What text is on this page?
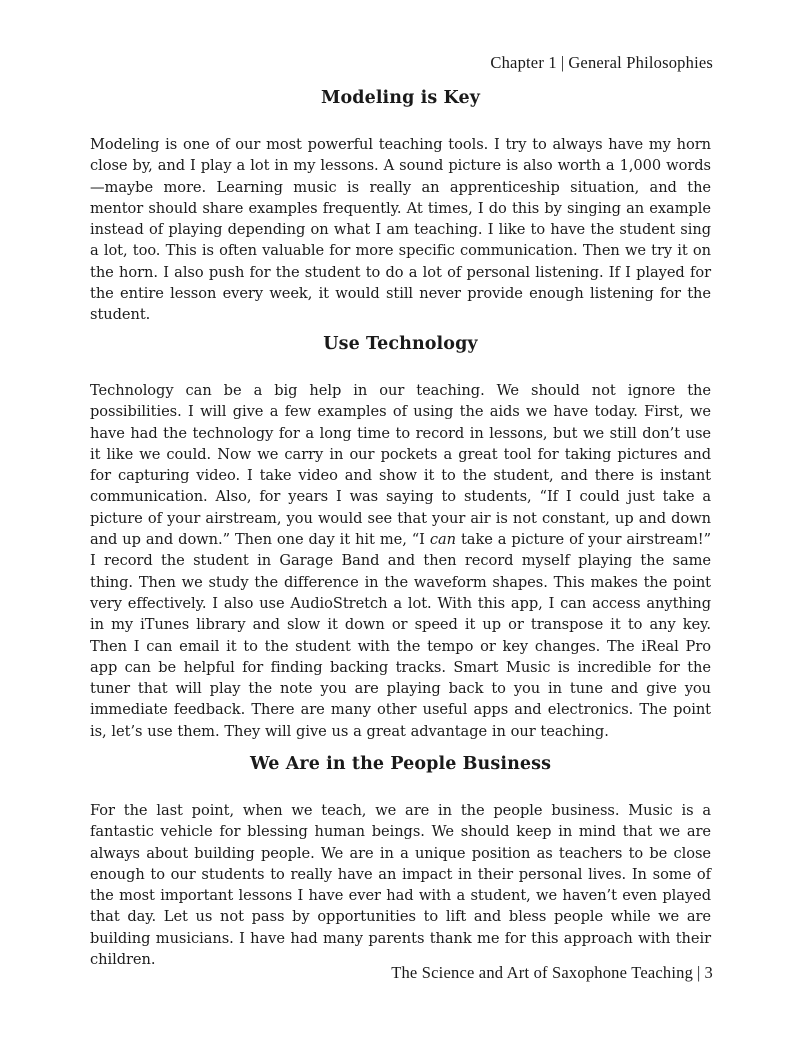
Chapter 1 | General Philosophies
Modeling is Key

Modeling is one of our most powerful teaching tools. I try to always have my horn close by, and I play a lot in my lessons. A sound picture is also worth a 1,000 words—maybe more. Learning music is really an apprenticeship situation, and the mentor should share examples frequently. At times, I do this by singing an example instead of playing depending on what I am teaching. I like to have the student sing a lot, too. This is often valuable for more specific communication. Then we try it on the horn. I also push for the student to do a lot of personal listening. If I played for the entire lesson every week, it would still never provide enough listening for the student.

Use Technology

Technology can be a big help in our teaching. We should not ignore the possibilities. I will give a few examples of using the aids we have today. First, we have had the technology for a long time to record in lessons, but we still don’t use it like we could. Now we carry in our pockets a great tool for taking pictures and for capturing video. I take video and show it to the student, and there is instant communication. Also, for years I was saying to students, “If I could just take a picture of your airstream, you would see that your air is not constant, up and down and up and down.” Then one day it hit me, “I can take a picture of your airstream!” I record the student in Garage Band and then record myself playing the same thing. Then we study the difference in the waveform shapes. This makes the point very effectively. I also use AudioStretch a lot. With this app, I can access anything in my iTunes library and slow it down or speed it up or transpose it to any key. Then I can email it to the student with the tempo or key changes. The iReal Pro app can be helpful for finding backing tracks. Smart Music is incredible for the tuner that will play the note you are playing back to you in tune and give you immediate feedback. There are many other useful apps and electronics. The point is, let’s use them. They will give us a great advantage in our teaching.

We Are in the People Business

For the last point, when we teach, we are in the people business. Music is a fantastic vehicle for blessing human beings. We should keep in mind that we are always about building people. We are in a unique position as teachers to be close enough to our students to really have an impact in their personal lives. In some of the most important lessons I have ever had with a student, we haven’t even played that day. Let us not pass by opportunities to lift and bless people while we are building musicians. I have had many parents thank me for this approach with their children.

The Science and Art of Saxophone Teaching | 3
